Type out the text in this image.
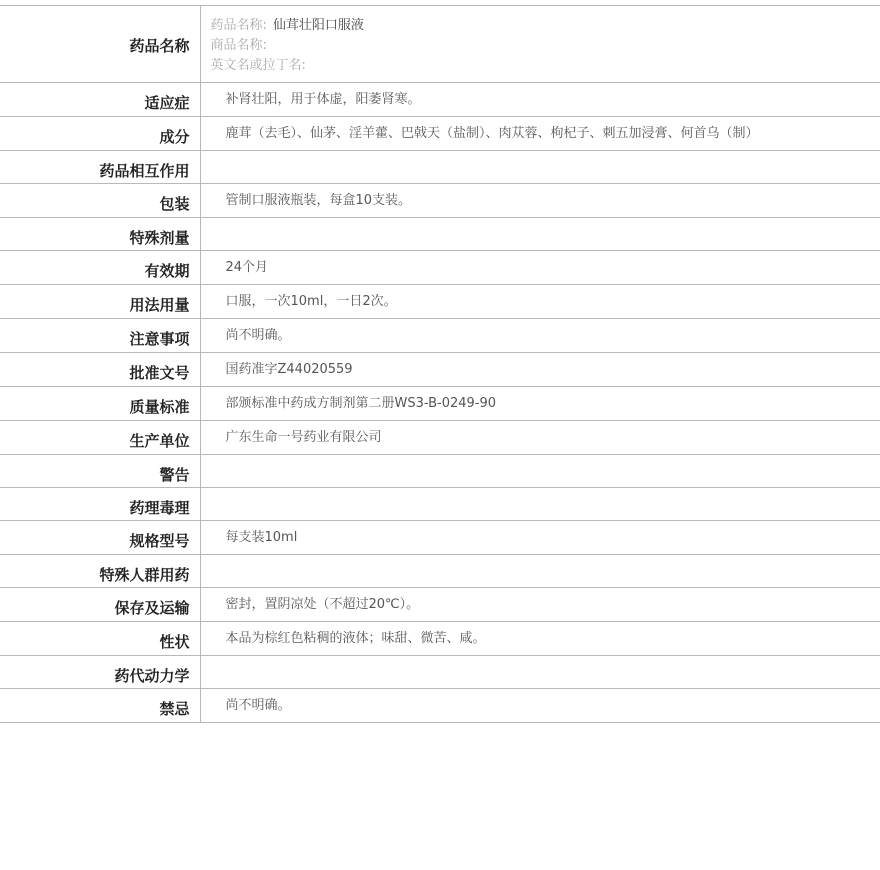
药品名称	药品名称: 仙茸壮阳口服液
商品名称:
英文名或拉丁名:

适应症	补肾壮阳，用于体虚，阳萎肾寒。
成分	鹿茸（去毛）、仙茅、淫羊藿、巴戟天（盐制）、肉苁蓉、枸杞子、刺五加浸膏、何首乌（制）
药品相互作用	
包装	管制口服液瓶装，每盒10支装。
特殊剂量	
有效期	24个月
用法用量	口服，一次10ml，一日2次。
注意事项	尚不明确。
批准文号	国药准字Z44020559
质量标准	部颁标准中药成方制剂第二册WS3-B-0249-90
生产单位	广东生命一号药业有限公司
警告	
药理毒理	
规格型号	每支装10ml
特殊人群用药	
保存及运输	密封，置阴凉处（不超过20℃）。
性状	本品为棕红色粘稠的液体；味甜、微苦、咸。
药代动力学	
禁忌	尚不明确。
